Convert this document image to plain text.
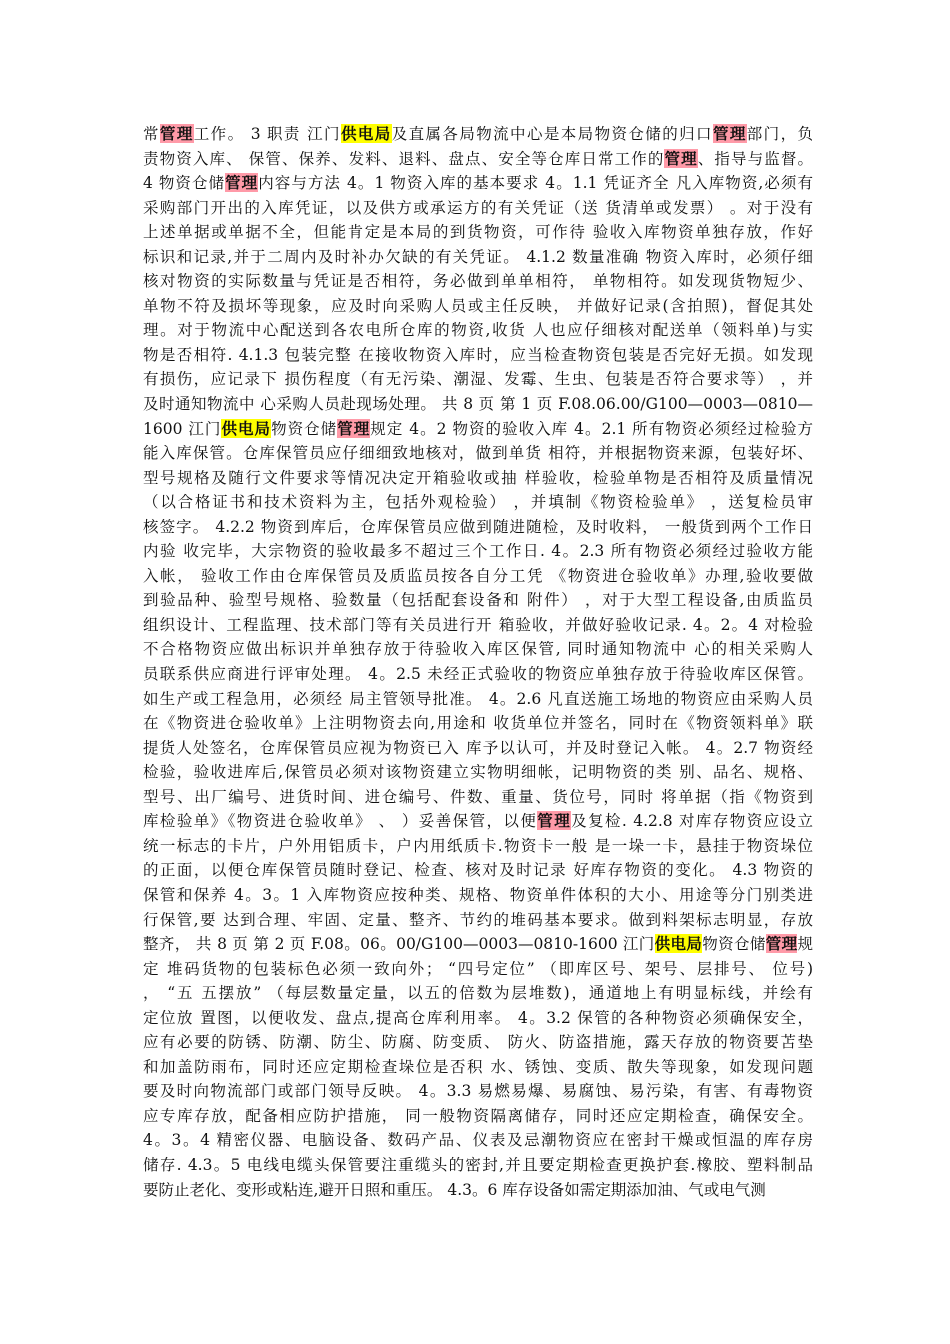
常管理工作。 3 职责 江门供电局及直属各局物流中心是本局物资仓储的归口管理部门，负
责物资入库、 保管、保养、发料、退料、盘点、安全等仓库日常工作的管理、指导与监督。
4 物资仓储管理内容与方法 4。1 物资入库的基本要求 4。1.1 凭证齐全 凡入库物资,必须有
采购部门开出的入库凭证，以及供方或承运方的有关凭证（送 货清单或发票） 。对于没有
上述单据或单据不全，但能肯定是本局的到货物资，可作待 验收入库物资单独存放，作好
标识和记录,并于二周内及时补办欠缺的有关凭证。 4.1.2 数量准确 物资入库时，必须仔细
核对物资的实际数量与凭证是否相符，务必做到单单相符， 单物相符。如发现货物短少、
单物不符及损坏等现象，应及时向采购人员或主任反映， 并做好记录(含拍照)，督促其处
理。对于物流中心配送到各农电所仓库的物资,收货 人也应仔细核对配送单（领料单)与实
物是否相符. 4.1.3 包装完整 在接收物资入库时，应当检查物资包装是否完好无损。如发现
有损伤，应记录下 损伤程度（有无污染、潮湿、发霉、生虫、包装是否符合要求等） ，并
及时通知物流中 心采购人员赴现场处理。 共 8 页 第 1 页 F.08.06.00/G100—0003—0810—
1600 江门供电局物资仓储管理规定 4。2 物资的验收入库 4。2.1 所有物资必须经过检验方
能入库保管。仓库保管员应仔细细致地核对，做到单货 相符，并根据物资来源，包装好坏、
型号规格及随行文件要求等情况决定开箱验收或抽 样验收，检验单物是否相符及质量情况
（以合格证书和技术资料为主，包括外观检验） ，并填制《物资检验单》 ，送复检员审
核签字。 4.2.2 物资到库后，仓库保管员应做到随进随检，及时收料， 一般货到两个工作日
内验 收完毕，大宗物资的验收最多不超过三个工作日. 4。2.3 所有物资必须经过验收方能
入帐， 验收工作由仓库保管员及质监员按各自分工凭 《物资进仓验收单》办理,验收要做
到验品种、验型号规格、验数量（包括配套设备和 附件） ，对于大型工程设备,由质监员
组织设计、工程监理、技术部门等有关员进行开 箱验收，并做好验收记录. 4。2。4 对检验
不合格物资应做出标识并单独存放于待验收入库区保管, 同时通知物流中 心的相关采购人
员联系供应商进行评审处理。 4。2.5 未经正式验收的物资应单独存放于待验收库区保管。
如生产或工程急用，必须经 局主管领导批准。 4。2.6 凡直送施工场地的物资应由采购人员
在《物资进仓验收单》上注明物资去向,用途和 收货单位并签名，同时在《物资领料单》联
提货人处签名，仓库保管员应视为物资已入 库予以认可，并及时登记入帐。 4。2.7 物资经
检验，验收进库后,保管员必须对该物资建立实物明细帐，记明物资的类 别、品名、规格、
型号、出厂编号、进货时间、进仓编号、件数、重量、货位号，同时 将单据（指《物资到
库检验单》《物资进仓验收单》 、 ）妥善保管，以便管理及复检. 4.2.8 对库存物资应设立
统一标志的卡片，户外用铝质卡，户内用纸质卡.物资卡一般 是一垛一卡，悬挂于物资垛位
的正面，以便仓库保管员随时登记、检查、核对及时记录 好库存物资的变化。 4.3 物资的
保管和保养 4。3。1 入库物资应按种类、规格、物资单件体积的大小、用途等分门别类进
行保管,要 达到合理、牢固、定量、整齐、节约的堆码基本要求。做到料架标志明显，存放
整齐， 共 8 页 第 2 页 F.08。06。00/G100—0003—0810-1600 江门供电局物资仓储管理规
定 堆码货物的包装标色必须一致向外； “四号定位” （即库区号、架号、层排号、 位号)
， “五 五摆放” （每层数量定量，以五的倍数为层堆数)，通道地上有明显标线，并绘有
定位放 置图，以便收发、盘点,提高仓库利用率。 4。3.2 保管的各种物资必须确保安全，
应有必要的防锈、防潮、防尘、防腐、防变质、 防火、防盗措施，露天存放的物资要苫垫
和加盖防雨布，同时还应定期检查垛位是否积 水、锈蚀、变质、散失等现象，如发现问题
要及时向物流部门或部门领导反映。 4。3.3 易燃易爆、易腐蚀、易污染，有害、有毒物资
应专库存放，配备相应防护措施， 同一般物资隔离储存，同时还应定期检查，确保安全。
4。3。4 精密仪器、电脑设备、数码产品、仪表及忌潮物资应在密封干燥或恒温的库存房
储存. 4.3。5 电线电缆头保管要注重缆头的密封,并且要定期检查更换护套.橡胶、塑料制品
要防止老化、变形或粘连,避开日照和重压。 4.3。6 库存设备如需定期添加油、气或电气测
